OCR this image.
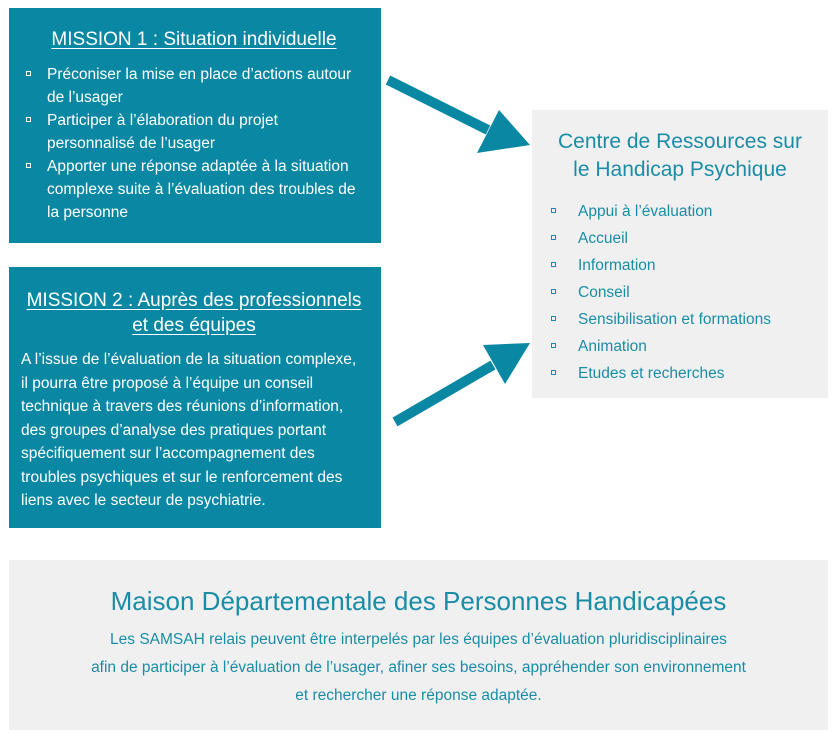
MISSION 1 : Situation individuelle
Préconiser la mise en place d’actions autour
de l’usager
Participer à l’élaboration du projet
personnalisé de l’usager
Apporter une réponse adaptée à la situation
complexe suite à l’évaluation des troubles de
la personne
MISSION 2 : Auprès des professionnels
et des équipes

A l’issue de l’évaluation de la situation complexe,
il pourra être proposé à l’équipe un conseil
technique à travers des réunions d’information,
des groupes d’analyse des pratiques portant
spécifiquement sur l’accompagnement des
troubles psychiques et sur le renforcement des
liens avec le secteur de psychiatrie.

Centre de Ressources sur
le Handicap Psychique
Appui à l’évaluation
Accueil
Information
Conseil
Sensibilisation et formations
Animation
Etudes et recherches
Maison Départementale des Personnes Handicapées

Les SAMSAH relais peuvent être interpelés par les équipes d’évaluation pluridisciplinaires

afin de participer à l’évaluation de l’usager, afiner ses besoins, appréhender son environnement

et rechercher une réponse adaptée.
